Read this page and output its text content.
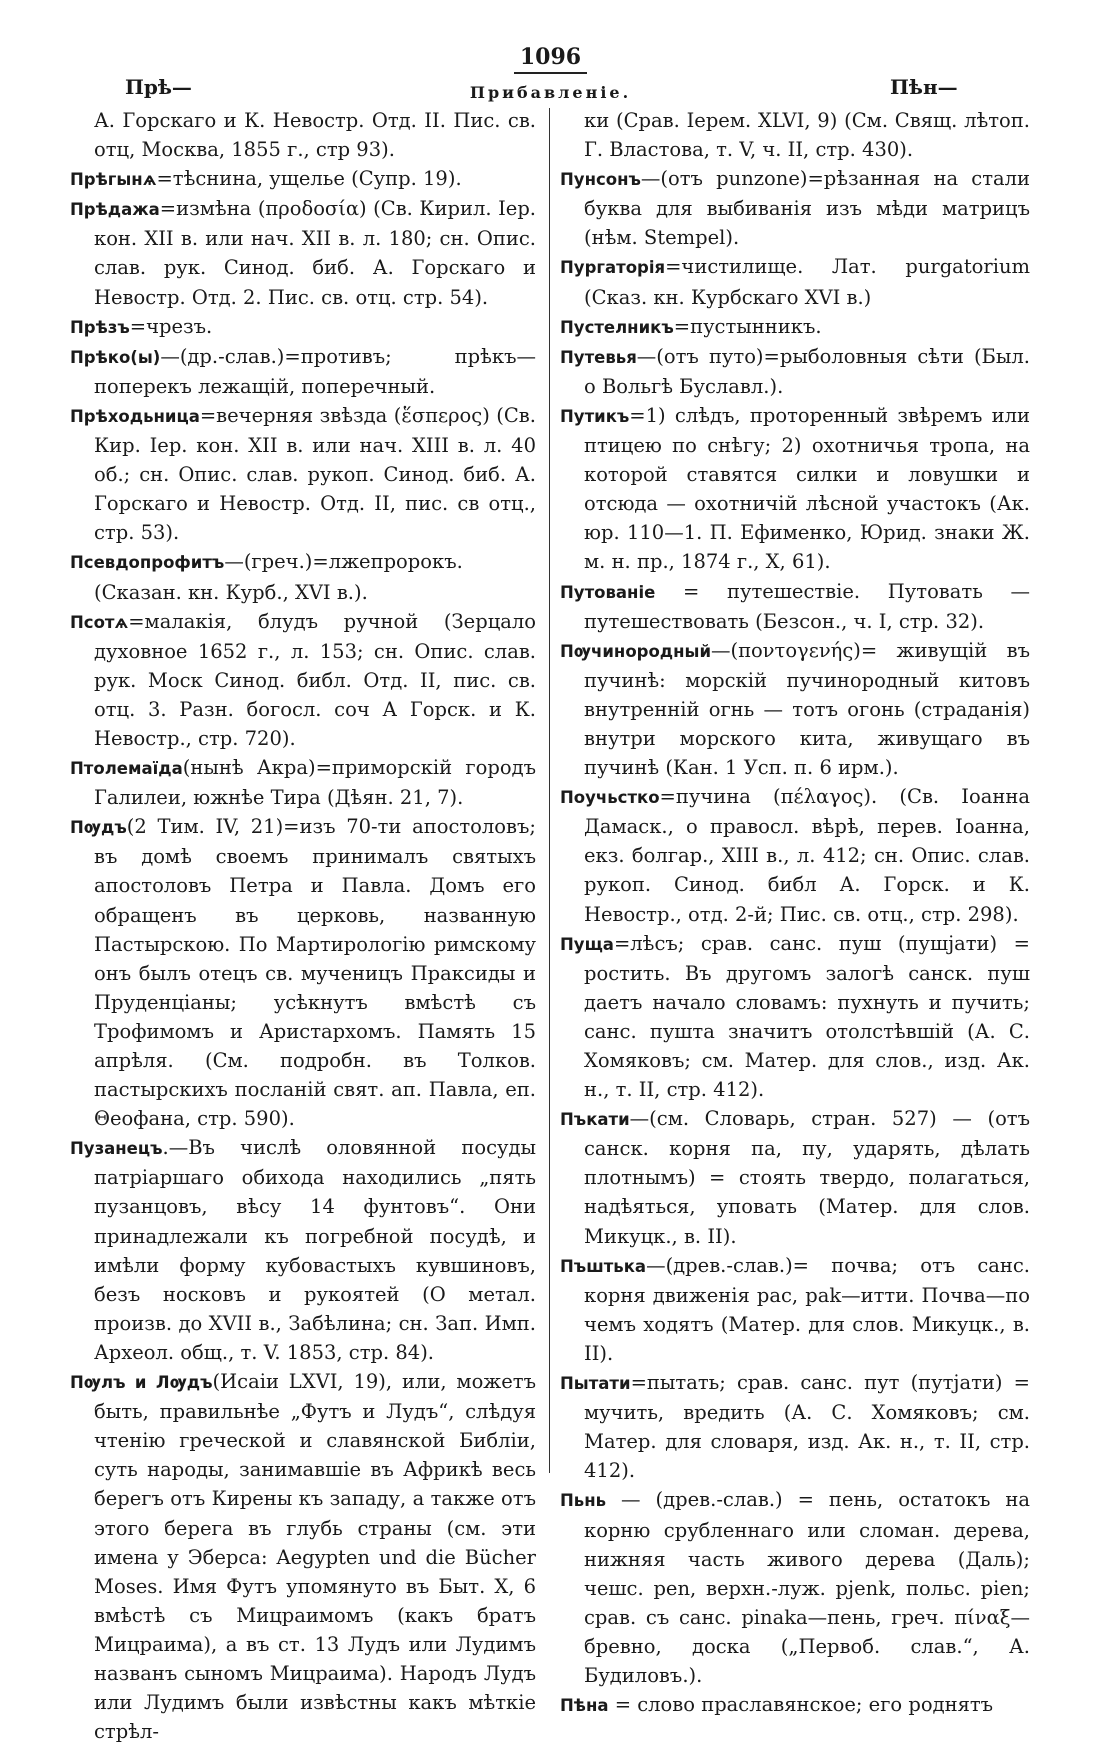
1096
Прѣ—	Прибавленіе.	Пѣн—

А. Горскаго и К. Невостр. Отд. II. Пис. св. отц, Москва, 1855 г., стр 93).

Прѣгынѧ=тѣснина, ущелье (Супр. 19).

Прѣдажа=измѣна (προδοσία) (Св. Кирил. Іер. кон. XII в. или нач. XII в. л. 180; сн. Опис. слав. рук. Синод. биб. А. Горскаго и Невостр. Отд. 2. Пис. св. отц. стр. 54).

Прѣзъ=чрезъ.

Прѣко(ы)—(др.-слав.)=противъ; прѣкъ—поперекъ лежащій, поперечный.

Прѣходьница=вечерняя звѣзда (ἕσπερος) (Св. Кир. Іер. кон. XII в. или нач. XIII в. л. 40 об.; сн. Опис. слав. рукоп. Синод. биб. А. Горскаго и Невостр. Отд. II, пис. св отц., стр. 53).

Псевдопрофитъ—(греч.)=лжепророкъ. (Сказан. кн. Курб., XVI в.).

Псотѧ=малакія, блудъ ручной (Зерцало духовное 1652 г., л. 153; сн. Опис. слав. рук. Моск Синод. библ. Отд. II, пис. св. отц. 3. Разн. богосл. соч А Горск. и К. Невостр., стр. 720).

Птолемаїда(нынѣ Акра)=приморскій городъ Галилеи, южнѣе Тира (Дѣян. 21, 7).

Пѹдъ(2 Тим. IV, 21)=изъ 70-ти апостоловъ; въ домѣ своемъ принималъ святыхъ апостоловъ Петра и Павла. Домъ его обращенъ въ церковь, названную Пастырскою. По Мартирологію римскому онъ былъ отецъ св. мученицъ Праксиды и Пруденціаны; усѣкнутъ вмѣстѣ съ Трофимомъ и Аристархомъ. Память 15 апрѣля. (См. подробн. въ Толков. пастырскихъ посланій свят. ап. Павла, еп. Θеофана, стр. 590).

Пузанецъ.—Въ числѣ оловянной посуды патріаршаго обихода находились „пять пузанцовъ, вѣсу 14 фунтовъ“. Они принадлежали къ погребной посудѣ, и имѣли форму кубовастыхъ кувшиновъ, безъ носковъ и рукоятей (О метал. произв. до XVII в., Забѣлина; сн. Зап. Имп. Археол. общ., т. V. 1853, стр. 84).

Пѹлъ и Лѹдъ(Исаіи LXVI, 19), или, можетъ быть, правильнѣе „Футъ и Лудъ“, слѣдуя чтенію греческой и славянской Библіи, суть народы, занимавшіе въ Африкѣ весь берегъ отъ Кирены къ западу, а также отъ этого берега въ глубь страны (см. эти имена у Эберса: Aegypten und die Bücher Moses. Имя Футъ упомянуто въ Быт. X, 6 вмѣстѣ съ Мицраимомъ (какъ братъ Мицраима), а въ ст. 13 Лудъ или Лудимъ названъ сыномъ Мицраима). Народъ Лудъ или Лудимъ были извѣстны какъ мѣткіе стрѣл-

ки (Срав. Іерем. XLVI, 9) (См. Свящ. лѣтоп. Г. Властова, т. V, ч. II, стр. 430).

Пунсонъ—(отъ punzone)=рѣзанная на стали буква для выбиванія изъ мѣди матрицъ (нѣм. Stempel).

Пургаторія=чистилище. Лат. purgatorium (Сказ. кн. Курбскаго XVI в.)

Пустелникъ=пустынникъ.

Путевья—(отъ путо)=рыболовныя сѣти (Был. о Вольгѣ Буславл.).

Путикъ=1) слѣдъ, проторенный звѣремъ или птицею по снѣгу; 2) охотничья тропа, на которой ставятся силки и ловушки и отсюда — охотничій лѣсной участокъ (Ак. юр. 110—1. П. Ефименко, Юрид. знаки Ж. м. н. пр., 1874 г., X, 61).

Путованіе = путешествіе. Путовать — путешествовать (Безсон., ч. I, стр. 32).

Пѹчинородный—(ποντογενής)= живущій въ пучинѣ: морскій пучинородный китовъ внутренній огнь — тотъ огонь (страданія) внутри морского кита, живущаго въ пучинѣ (Кан. 1 Усп. п. 6 ирм.).

Поучьстко=пучина (πέλαγος). (Св. Іоанна Дамаск., о правосл. вѣрѣ, перев. Іоанна, екз. болгар., XIII в., л. 412; сн. Опис. слав. рукоп. Синод. библ А. Горск. и К. Невостр., отд. 2-й; Пис. св. отц., стр. 298).

Пуща=лѣсъ; срав. санс. пуш (пушјати) = ростить. Въ другомъ залогѣ санск. пуш даетъ начало словамъ: пухнуть и пучить; санс. пушта значитъ отолстѣвшій (А. С. Хомяковъ; см. Матер. для слов., изд. Ак. н., т. II, стр. 412).

Пъкати—(см. Словарь, стран. 527) — (отъ санск. корня па, пу, ударять, дѣлать плотнымъ) = стоять твердо, полагаться, надѣяться, уповать (Матер. для слов. Микуцк., в. II).

Пъштька—(древ.-слав.)= почва; отъ санс. корня движенія рас, pak—итти. Почва—по чемъ ходятъ (Матер. для слов. Микуцк., в. II).

Пытати=пытать; срав. санс. пут (путјати) = мучить, вредить (А. С. Хомяковъ; см. Матер. для словаря, изд. Ак. н., т. II, стр. 412).

Пьнь — (древ.-слав.) = пень, остатокъ на корню срубленнаго или сломан. дерева, нижняя часть живого дерева (Даль); чешс. pen, верхн.-луж. pjenk, польс. pien; срав. съ санс. pinaka—пень, греч. πίναξ—бревно, доска („Первоб. слав.“, А. Будиловъ.).

Пѣна = слово праславянское; его роднятъ
